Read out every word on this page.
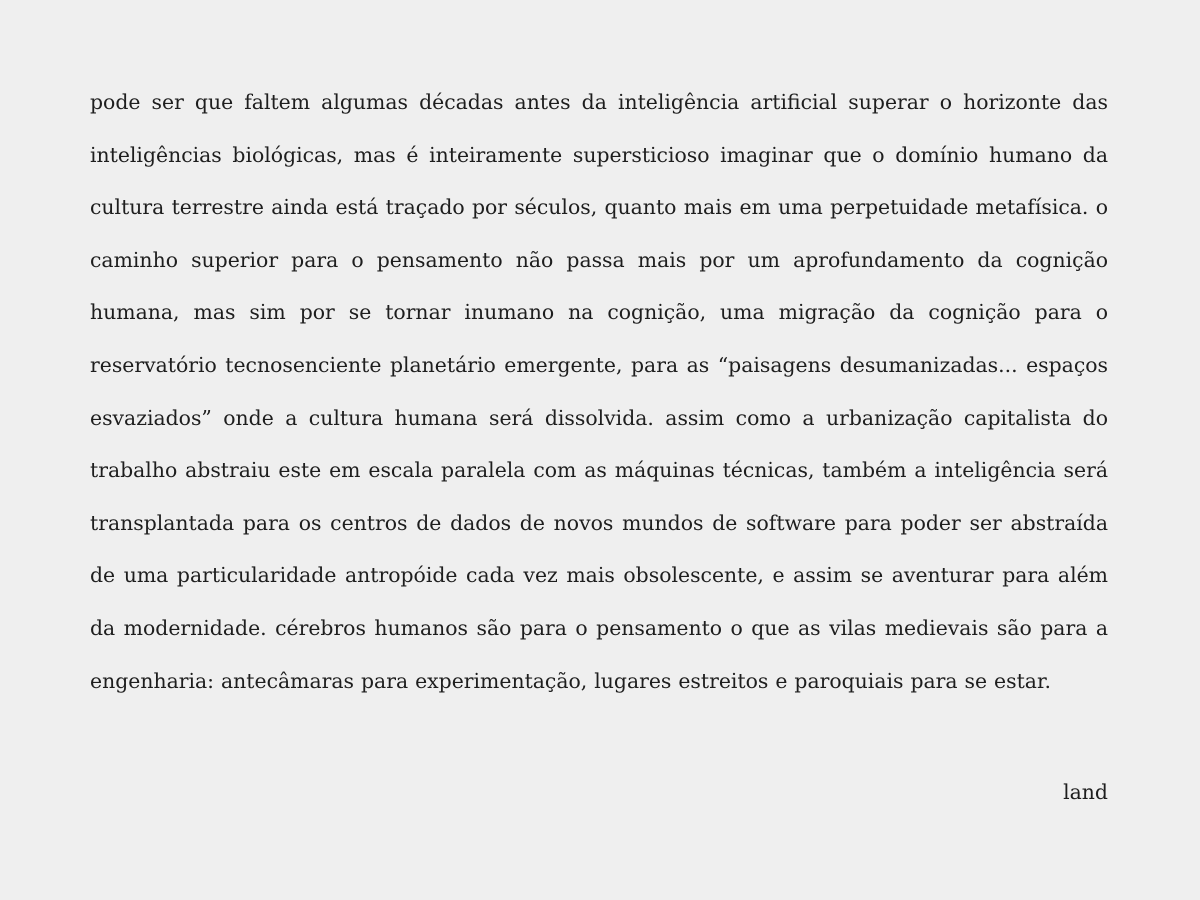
pode ser que faltem algumas décadas antes da inteligência artificial superar o horizonte das inteligências biológicas, mas é inteiramente supersticioso imaginar que o domínio humano da cultura terrestre ainda está traçado por séculos, quanto mais em uma perpetuidade metafísica. o caminho superior para o pensamento não passa mais por um aprofundamento da cognição humana, mas sim por se tornar inumano na cognição, uma migração da cognição para o reservatório tecnosenciente planetário emergente, para as “paisagens desumanizadas... espaços esvaziados” onde a cultura humana será dissolvida. assim como a urbanização capitalista do trabalho abstraiu este em escala paralela com as máquinas técnicas, também a inteligência será transplantada para os centros de dados de novos mundos de software para poder ser abstraída de uma particularidade antropóide cada vez mais obsolescente, e assim se aventurar para além da modernidade. cérebros humanos são para o pensamento o que as vilas medievais são para a engenharia: antecâmaras para experimentação, lugares estreitos e paroquiais para se estar.

land
